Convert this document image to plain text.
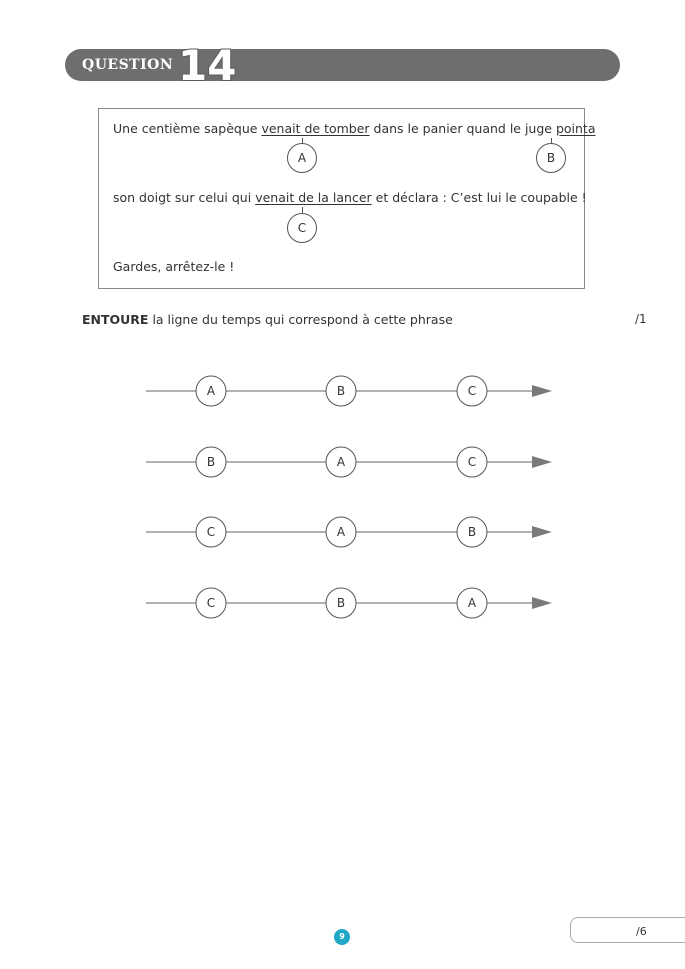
QUESTION 14
Une centième sapèque venait de tomber dans le panier quand le juge pointa
A	B
son doigt sur celui qui venait de la lancer et déclara : C’est lui le coupable !
C
Gardes, arrêtez-le !
ENTOURE la ligne du temps qui correspond à cette phrase	/1
A	B	C
B	A	C
C	A	B
C	B	A
9	/6
